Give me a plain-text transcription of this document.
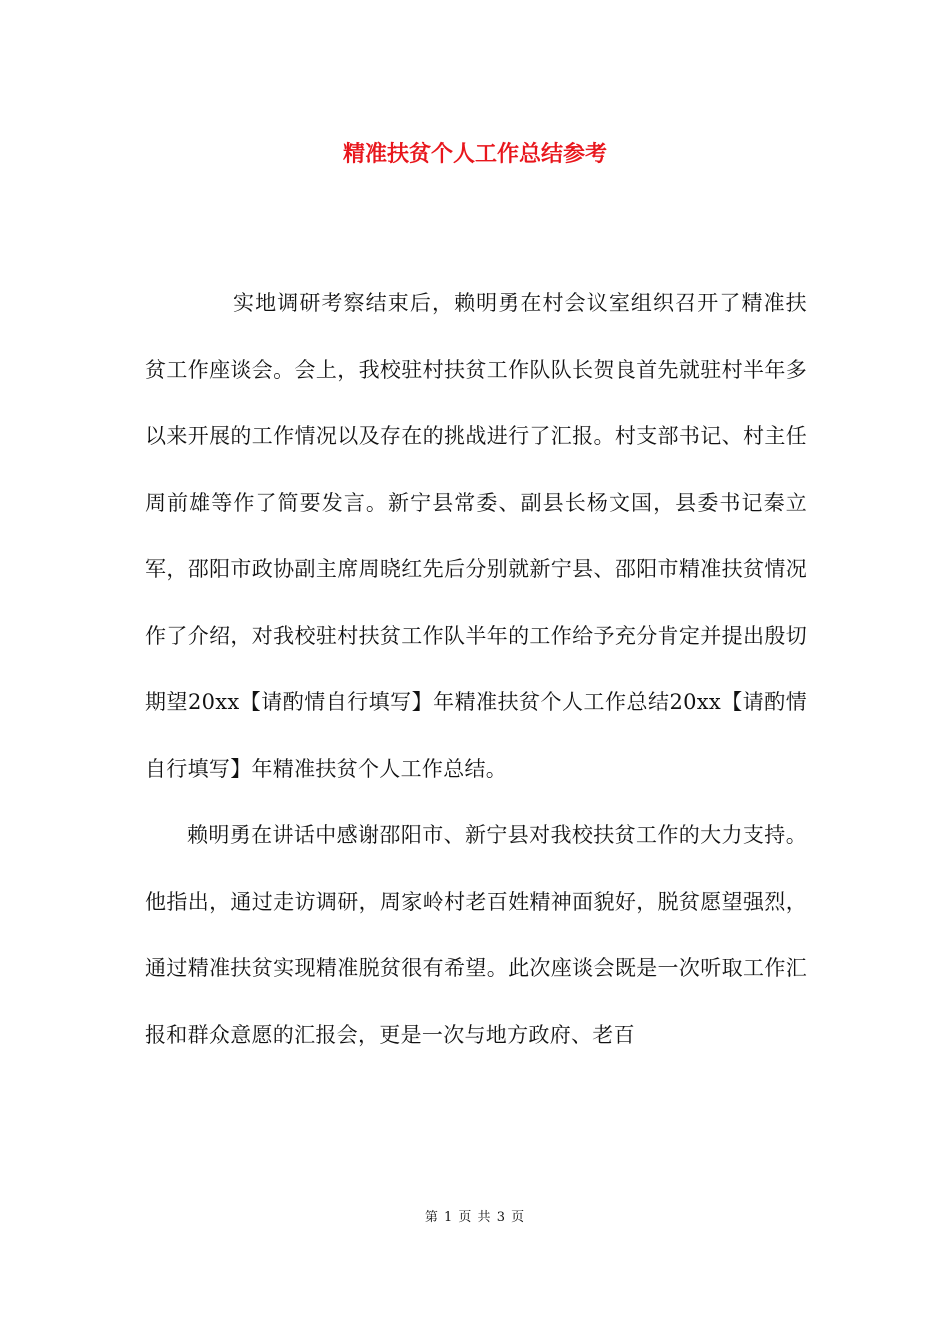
精准扶贫个人工作总结参考

实地调研考察结束后，赖明勇在村会议室组织召开了精准扶贫工作座谈会。会上，我校驻村扶贫工作队队长贺良首先就驻村半年多以来开展的工作情况以及存在的挑战进行了汇报。村支部书记、村主任周前雄等作了简要发言。新宁县常委、副县长杨文国，县委书记秦立军，邵阳市政协副主席周晓红先后分别就新宁县、邵阳市精准扶贫情况作了介绍，对我校驻村扶贫工作队半年的工作给予充分肯定并提出殷切期望20xx【请酌情自行填写】年精准扶贫个人工作总结20xx【请酌情自行填写】年精准扶贫个人工作总结。

赖明勇在讲话中感谢邵阳市、新宁县对我校扶贫工作的大力支持。他指出，通过走访调研，周家岭村老百姓精神面貌好，脱贫愿望强烈，通过精准扶贫实现精准脱贫很有希望。此次座谈会既是一次听取工作汇报和群众意愿的汇报会，更是一次与地方政府、老百

第 1 页 共 3 页
